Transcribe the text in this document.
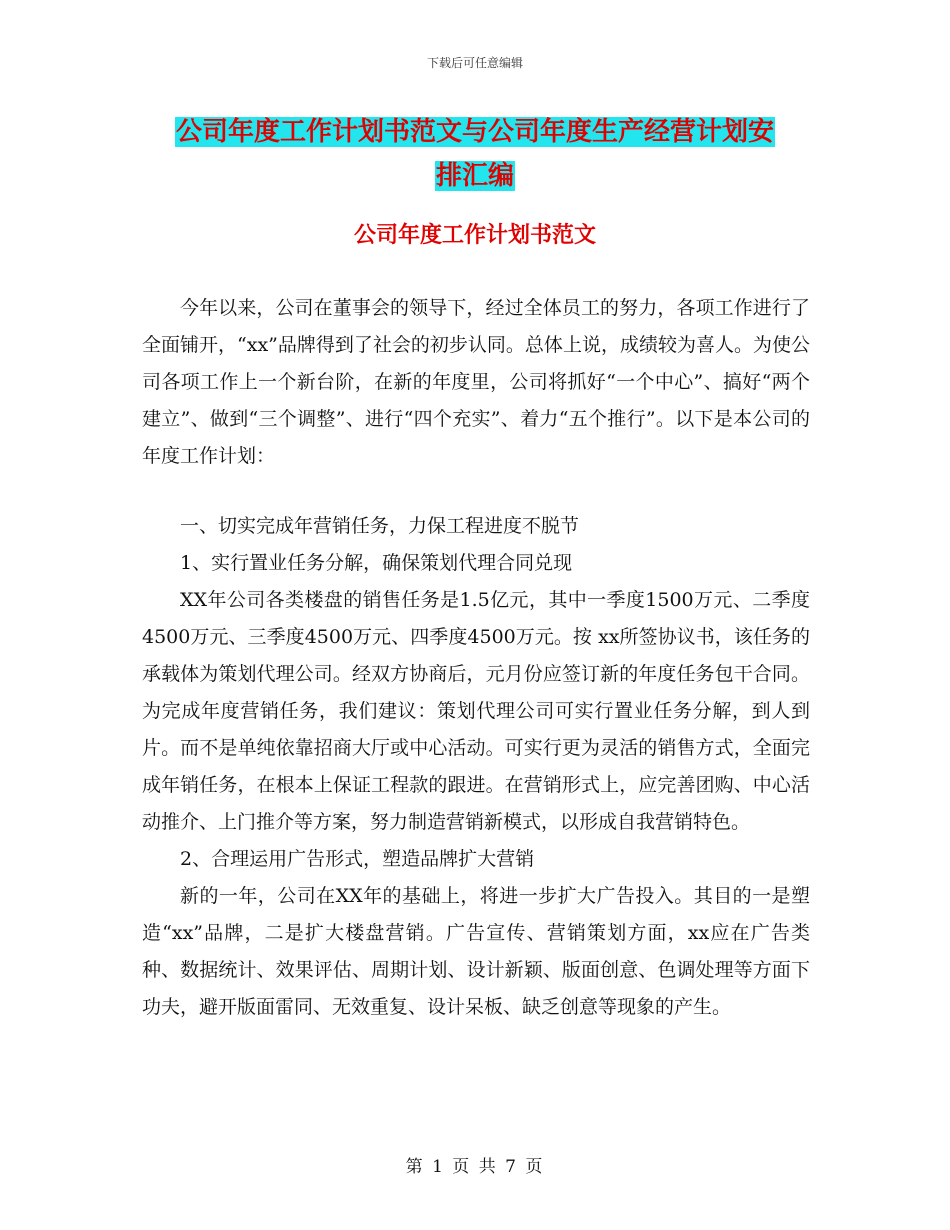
下载后可任意编辑
公司年度工作计划书范文与公司年度生产经营计划安
排汇编
公司年度工作计划书范文

今年以来，公司在董事会的领导下，经过全体员工的努力，各项工作进行了全面铺开，“xx”品牌得到了社会的初步认同。总体上说，成绩较为喜人。为使公司各项工作上一个新台阶，在新的年度里，公司将抓好“一个中心”、搞好“两个建立”、做到“三个调整”、进行“四个充实”、着力“五个推行”。以下是本公司的年度工作计划：

一、切实完成年营销任务，力保工程进度不脱节

1、实行置业任务分解，确保策划代理合同兑现

XX年公司各类楼盘的销售任务是1.5亿元，其中一季度1500万元、二季度4500万元、三季度4500万元、四季度4500万元。按 xx所签协议书，该任务的承载体为策划代理公司。经双方协商后，元月份应签订新的年度任务包干合同。为完成年度营销任务，我们建议：策划代理公司可实行置业任务分解，到人到片。而不是单纯依靠招商大厅或中心活动。可实行更为灵活的销售方式，全面完成年销任务，在根本上保证工程款的跟进。在营销形式上，应完善团购、中心活动推介、上门推介等方案，努力制造营销新模式，以形成自我营销特色。

2、合理运用广告形式，塑造品牌扩大营销

新的一年，公司在XX年的基础上，将进一步扩大广告投入。其目的一是塑造“xx”品牌，二是扩大楼盘营销。广告宣传、营销策划方面，xx应在广告类种、数据统计、效果评估、周期计划、设计新颖、版面创意、色调处理等方面下功夫，避开版面雷同、无效重复、设计呆板、缺乏创意等现象的产生。

第 1 页 共 7 页
